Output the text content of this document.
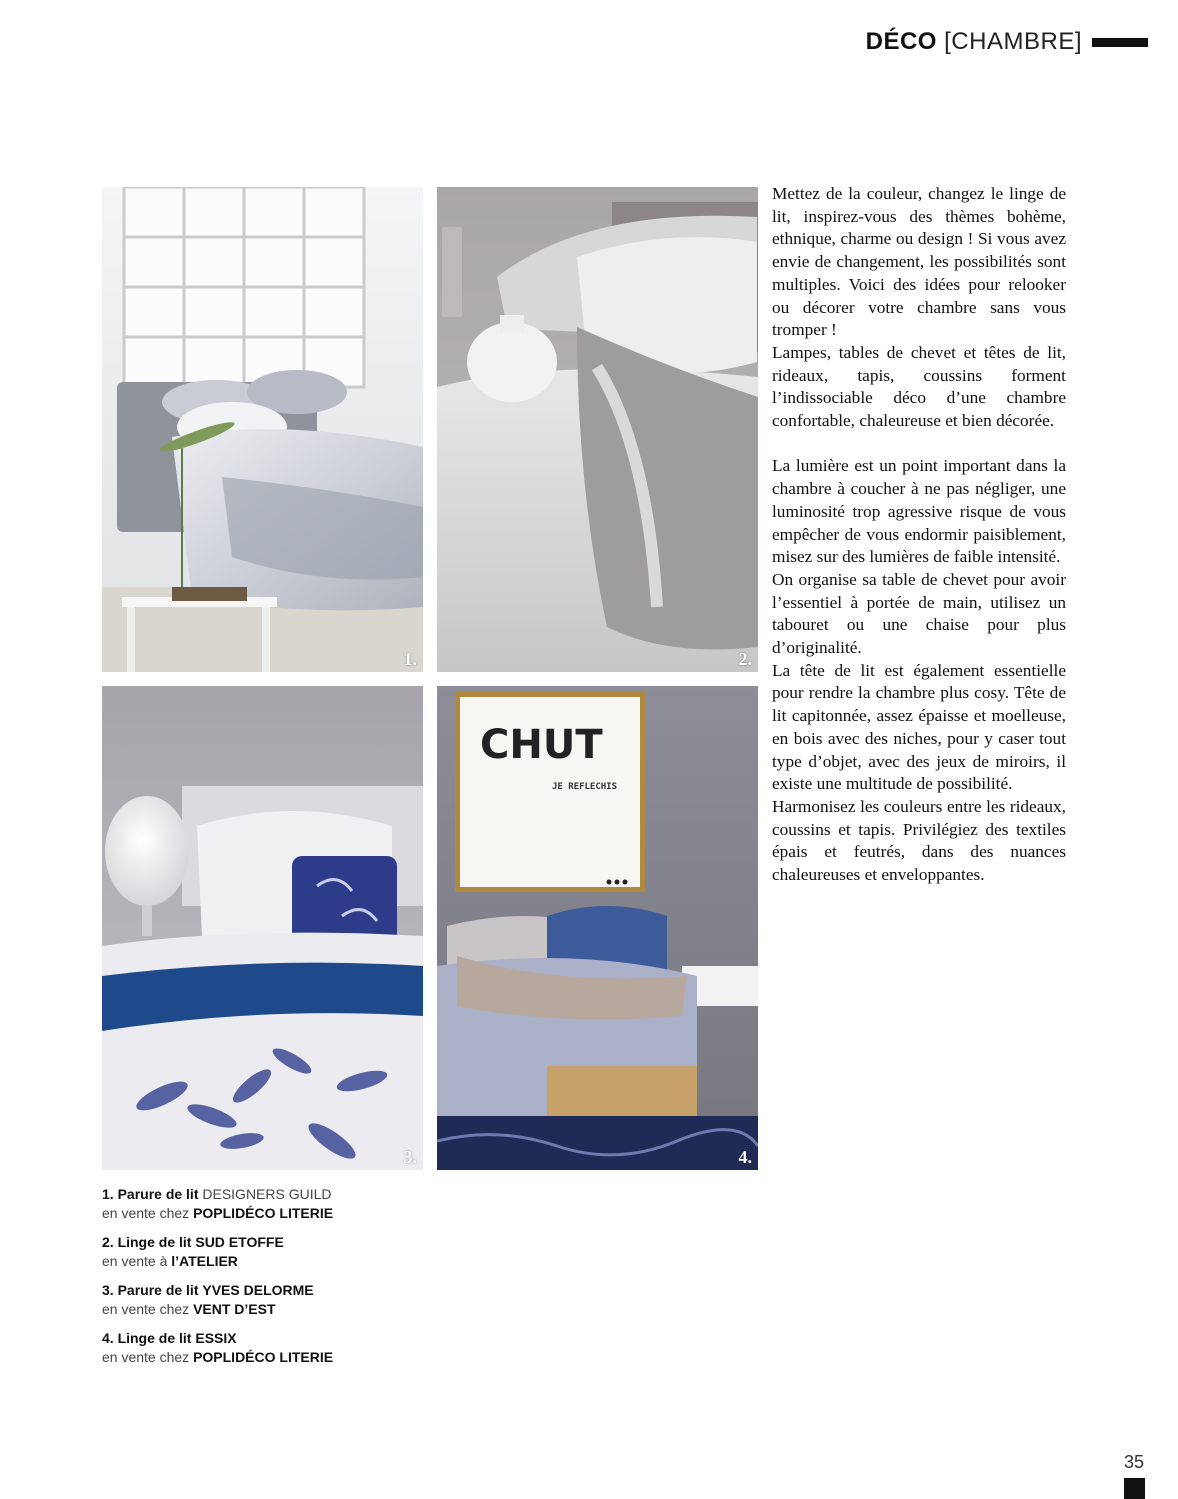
DÉCO [CHAMBRE]
1.	2.
3.
CHUT
JE REFLECHIS
4.

Mettez de la couleur, changez le linge de lit, inspirez-vous des thèmes bohème, ethnique, charme ou design ! Si vous avez envie de changement, les possibilités sont multiples. Voici des idées pour relooker ou décorer votre chambre sans vous tromper !

Lampes, tables de chevet et têtes de lit, rideaux, tapis, coussins forment l’indissociable déco d’une chambre confortable, chaleureuse et bien décorée.

La lumière est un point important dans la chambre à coucher à ne pas négliger, une luminosité trop agressive risque de vous empêcher de vous endormir paisiblement, misez sur des lumières de faible intensité.

On organise sa table de chevet pour avoir l’essentiel à portée de main, utilisez un tabouret ou une chaise pour plus d’originalité.

La tête de lit est également essentielle pour rendre la chambre plus cosy. Tête de lit capitonnée, assez épaisse et moelleuse, en bois avec des niches, pour y caser tout type d’objet, avec des jeux de miroirs, il existe une multitude de possibilité.

Harmonisez les couleurs entre les rideaux, coussins et tapis. Privilégiez des textiles épais et feutrés, dans des nuances chaleureuses et enveloppantes.

1. Parure de lit DESIGNERS GUILD
en vente chez POPLIDÉCO LITERIE
2. Linge de lit SUD ETOFFE
en vente à l’ATELIER
3. Parure de lit YVES DELORME
en vente chez VENT D’EST
4. Linge de lit ESSIX
en vente chez POPLIDÉCO LITERIE
35
